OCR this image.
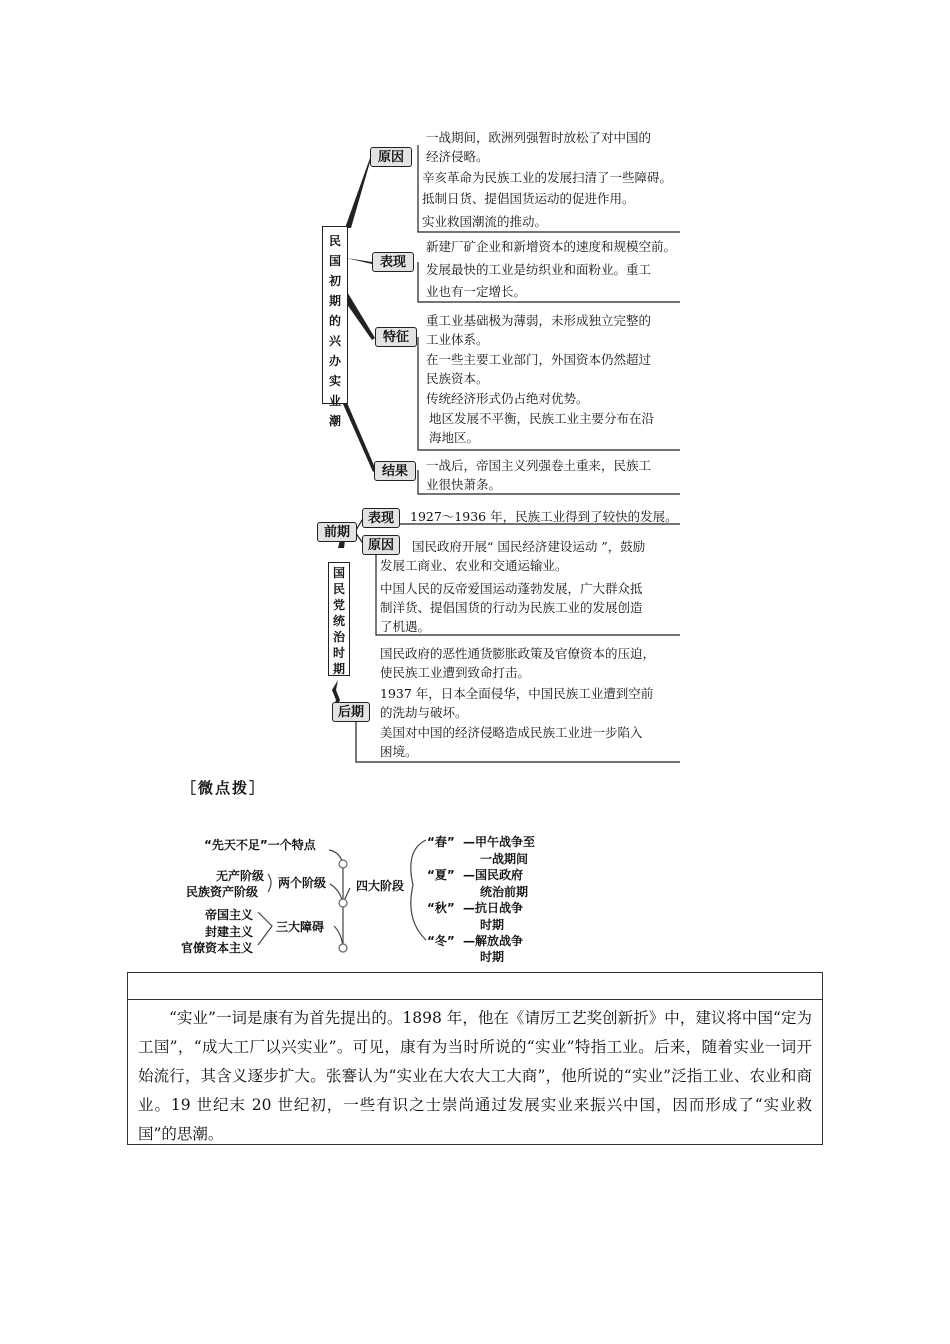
民
国
初
期
的
兴
办
实
业
潮
原因
一战期间，欧洲列强暂时放松了对中国的
经济侵略。
辛亥革命为民族工业的发展扫清了一些障碍。
抵制日货、提倡国货运动的促进作用。
实业救国潮流的推动。
表现
新建厂矿企业和新增资本的速度和规模空前。
发展最快的工业是纺织业和面粉业。重工
业也有一定增长。
特征
重工业基础极为薄弱，未形成独立完整的
工业体系。
在一些主要工业部门，外国资本仍然超过
民族资本。
传统经济形式仍占绝对优势。
地区发展不平衡，民族工业主要分布在沿
海地区。
结果	一战后，帝国主义列强卷土重来，民族工
业很快萧条。
前期
国
民
党
统
治
时
期
后期
表现	1927～1936 年，民族工业得到了较快的发展。
原因	国民政府开展“ 国民经济建设运动 ”，鼓励
发展工商业、农业和交通运输业。
中国人民的反帝爱国运动蓬勃发展，广大群众抵
制洋货、提倡国货的行动为民族工业的发展创造
了机遇。
国民政府的恶性通货膨胀政策及官僚资本的压迫，
使民族工业遭到致命打击。
1937 年，日本全面侵华，中国民族工业遭到空前
的洗劫与破坏。
美国对中国的经济侵略造成民族工业进一步陷入
困境。
［微点拨］
“先天不足”一个特点
无产阶级
民族资产阶级
两个阶级
帝国主义
封建主义
官僚资本主义
三大障碍
四大阶段
“春” —甲午战争至
一战期间
“夏” —国民政府
统治前期
“秋” —抗日战争
时期
“冬” —解放战争
时期
“实业”一词是康有为首先提出的。1898 年，他在《请厉工艺奖创新折》中，建议将中国“定为工国”，“成大工厂以兴实业”。可见，康有为当时所说的“实业”特指工业。后来，随着实业一词开始流行，其含义逐步扩大。张謇认为“实业在大农大工大商”，他所说的“实业”泛指工业、农业和商业。19 世纪末 20 世纪初，一些有识之士崇尚通过发展实业来振兴中国，因而形成了“实业救国”的思潮。
